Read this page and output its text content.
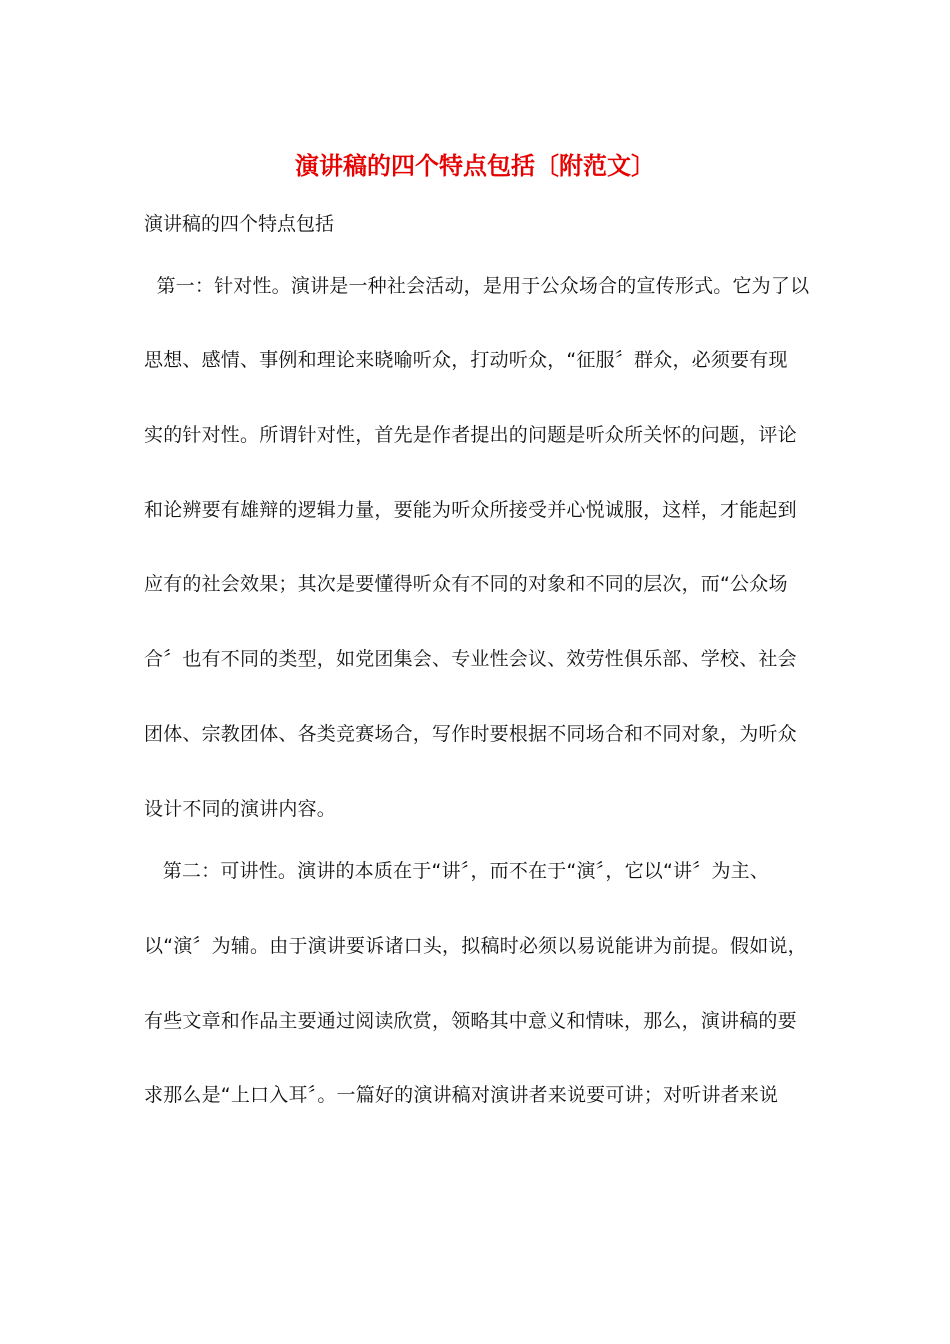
演讲稿的四个特点包括〔附范文〕
演讲稿的四个特点包括
第一：针对性。演讲是一种社会活动，是用于公众场合的宣传形式。它为了以
思想、感情、事例和理论来晓喻听众，打动听众，“征服〞群众，必须要有现
实的针对性。所谓针对性，首先是作者提出的问题是听众所关怀的问题，评论
和论辨要有雄辩的逻辑力量，要能为听众所接受并心悦诚服，这样，才能起到
应有的社会效果；其次是要懂得听众有不同的对象和不同的层次，而“公众场
合〞也有不同的类型，如党团集会、专业性会议、效劳性俱乐部、学校、社会
团体、宗教团体、各类竞赛场合，写作时要根据不同场合和不同对象，为听众
设计不同的演讲内容。
第二：可讲性。演讲的本质在于“讲〞，而不在于“演〞，它以“讲〞为主、
以“演〞为辅。由于演讲要诉诸口头，拟稿时必须以易说能讲为前提。假如说，
有些文章和作品主要通过阅读欣赏，领略其中意义和情味，那么，演讲稿的要
求那么是“上口入耳〞。一篇好的演讲稿对演讲者来说要可讲；对听讲者来说
